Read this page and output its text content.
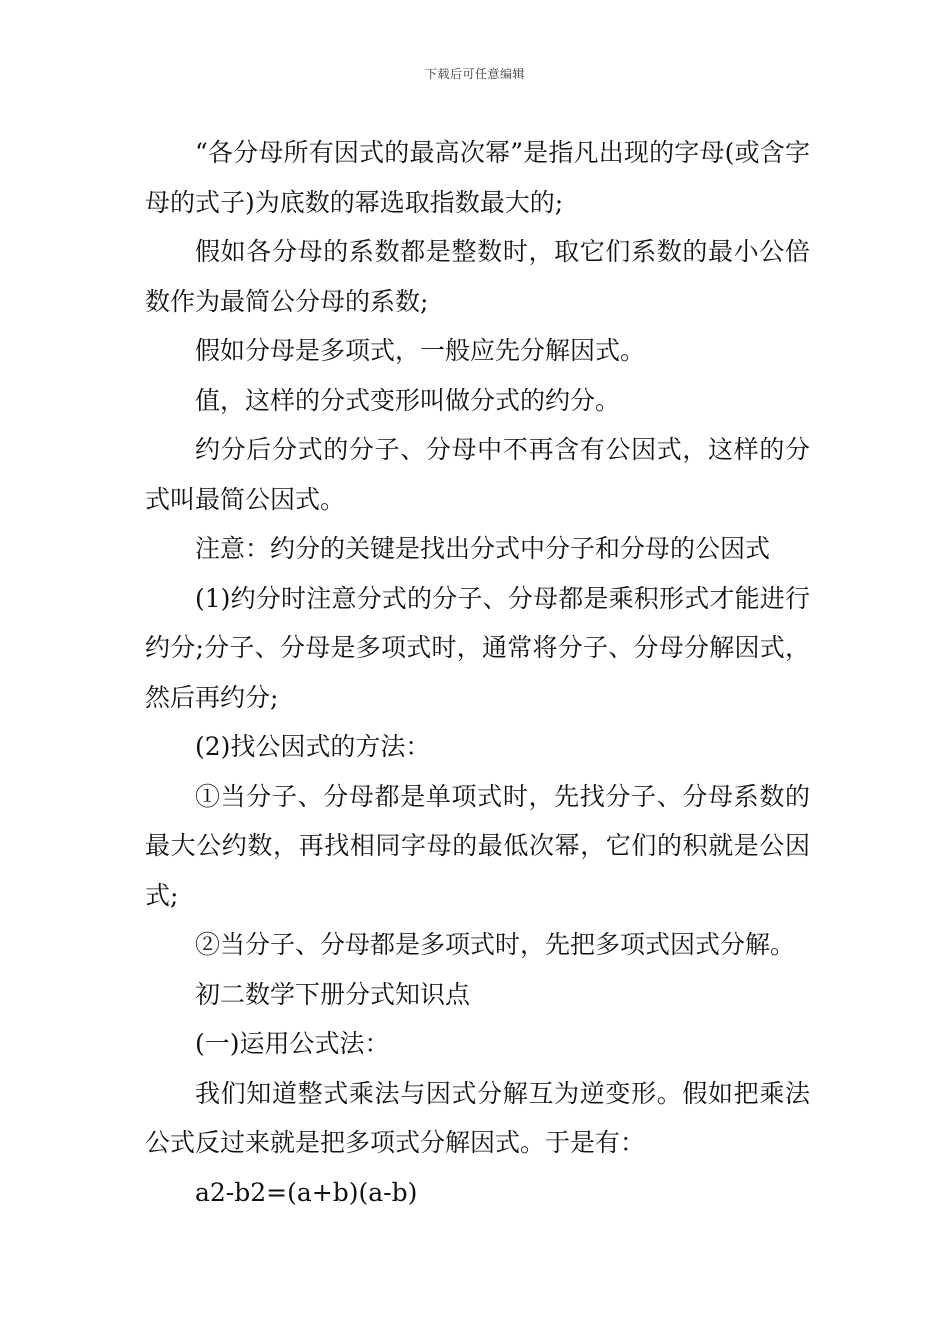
下载后可任意编辑

“各分母所有因式的最高次幂”是指凡出现的字母(或含字母的式子)为底数的幂选取指数最大的;

假如各分母的系数都是整数时，取它们系数的最小公倍数作为最简公分母的系数;

假如分母是多项式，一般应先分解因式。

值，这样的分式变形叫做分式的约分。

约分后分式的分子、分母中不再含有公因式，这样的分式叫最简公因式。

注意：约分的关键是找出分式中分子和分母的公因式

(1)约分时注意分式的分子、分母都是乘积形式才能进行约分;分子、分母是多项式时，通常将分子、分母分解因式，然后再约分;

(2)找公因式的方法：

①当分子、分母都是单项式时，先找分子、分母系数的最大公约数，再找相同字母的最低次幂，它们的积就是公因式;

②当分子、分母都是多项式时，先把多项式因式分解。

初二数学下册分式知识点

(一)运用公式法：

我们知道整式乘法与因式分解互为逆变形。假如把乘法公式反过来就是把多项式分解因式。于是有：

a2-b2=(a+b)(a-b)
